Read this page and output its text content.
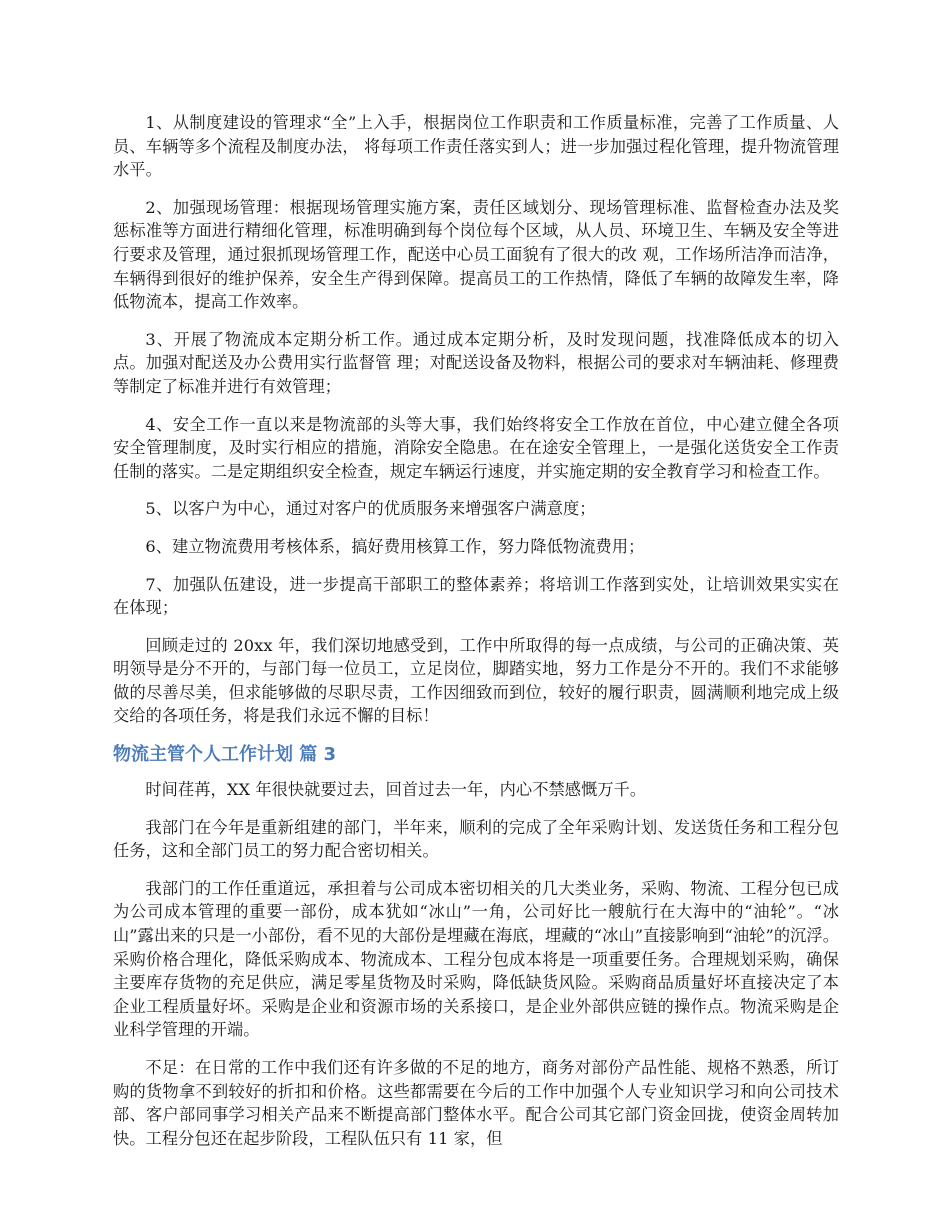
1、从制度建设的管理求“全”上入手，根据岗位工作职责和工作质量标准，完善了工作质量、人员、车辆等多个流程及制度办法， 将每项工作责任落实到人；进一步加强过程化管理，提升物流管理水平。

2、加强现场管理：根据现场管理实施方案，责任区域划分、现场管理标准、监督检查办法及奖惩标准等方面进行精细化管理，标准明确到每个岗位每个区域，从人员、环境卫生、车辆及安全等进行要求及管理，通过狠抓现场管理工作，配送中心员工面貌有了很大的改 观，工作场所洁净而洁净，车辆得到很好的维护保养，安全生产得到保障。提高员工的工作热情，降低了车辆的故障发生率，降低物流本，提高工作效率。

3、开展了物流成本定期分析工作。通过成本定期分析，及时发现问题，找准降低成本的切入点。加强对配送及办公费用实行监督管 理；对配送设备及物料，根据公司的要求对车辆油耗、修理费等制定了标准并进行有效管理；

4、安全工作一直以来是物流部的头等大事，我们始终将安全工作放在首位，中心建立健全各项安全管理制度，及时实行相应的措施，消除安全隐患。在在途安全管理上，一是强化送货安全工作责任制的落实。二是定期组织安全检查，规定车辆运行速度，并实施定期的安全教育学习和检查工作。

5、以客户为中心，通过对客户的优质服务来增强客户满意度；

6、建立物流费用考核体系，搞好费用核算工作，努力降低物流费用；

7、加强队伍建设，进一步提高干部职工的整体素养；将培训工作落到实处，让培训效果实实在在体现；

回顾走过的 20xx 年，我们深切地感受到，工作中所取得的每一点成绩，与公司的正确决策、英明领导是分不开的，与部门每一位员工，立足岗位，脚踏实地，努力工作是分不开的。我们不求能够做的尽善尽美，但求能够做的尽职尽责，工作因细致而到位，较好的履行职责，圆满顺利地完成上级交给的各项任务，将是我们永远不懈的目标！

物流主管个人工作计划 篇 3

时间荏苒，XX 年很快就要过去，回首过去一年，内心不禁感慨万千。

我部门在今年是重新组建的部门，半年来，顺利的完成了全年采购计划、发送货任务和工程分包任务，这和全部门员工的努力配合密切相关。

我部门的工作任重道远，承担着与公司成本密切相关的几大类业务，采购、物流、工程分包已成为公司成本管理的重要一部份，成本犹如“冰山”一角，公司好比一艘航行在大海中的“油轮”。“冰山”露出来的只是一小部份，看不见的大部份是埋藏在海底，埋藏的“冰山”直接影响到“油轮”的沉浮。采购价格合理化，降低采购成本、物流成本、工程分包成本将是一项重要任务。合理规划采购，确保主要库存货物的充足供应，满足零星货物及时采购，降低缺货风险。采购商品质量好坏直接决定了本企业工程质量好坏。采购是企业和资源市场的关系接口，是企业外部供应链的操作点。物流采购是企业科学管理的开端。

不足：在日常的工作中我们还有许多做的不足的地方，商务对部份产品性能、规格不熟悉，所订购的货物拿不到较好的折扣和价格。这些都需要在今后的工作中加强个人专业知识学习和向公司技术部、客户部同事学习相关产品来不断提高部门整体水平。配合公司其它部门资金回拢，使资金周转加快。工程分包还在起步阶段，工程队伍只有 11 家，但
